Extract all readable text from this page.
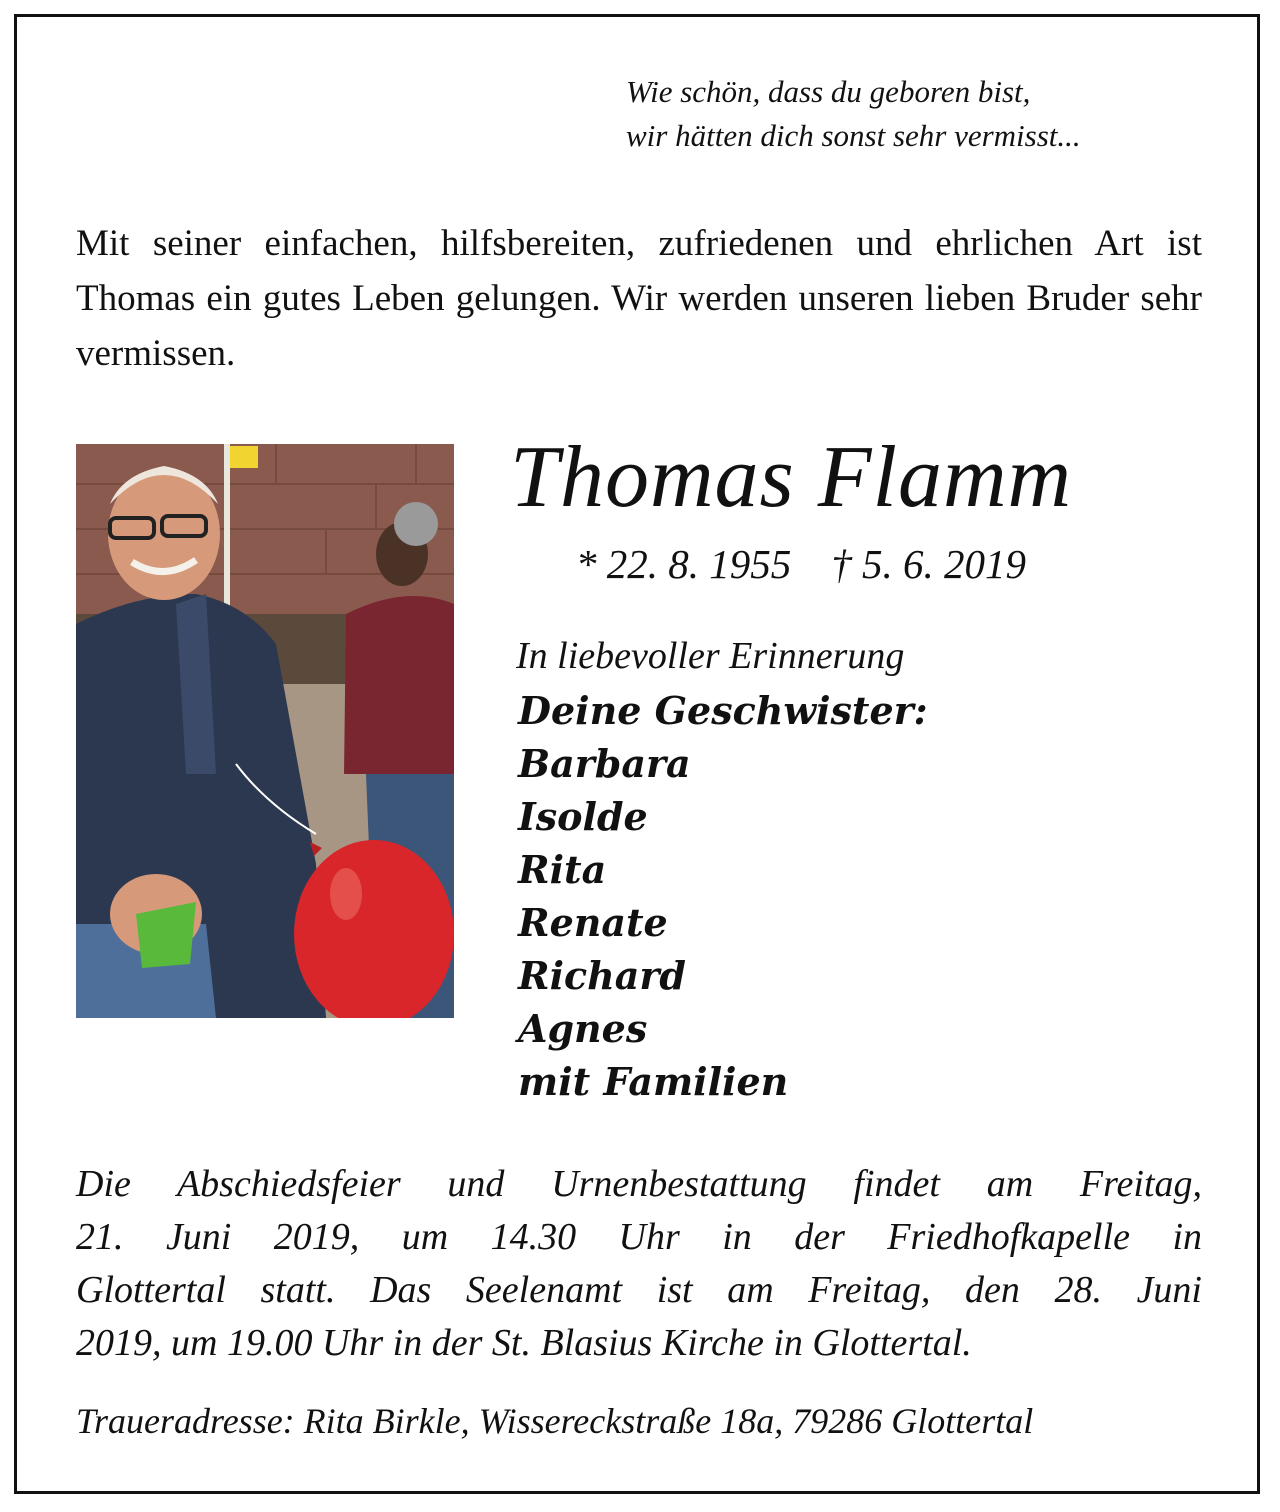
Wie schön, dass du geboren bist,
wir hätten dich sonst sehr vermisst...
Mit seiner einfachen, hilfsbereiten, zufriedenen und ehrlichen Art ist Thomas ein gutes Leben gelungen. Wir werden unseren lieben Bruder sehr vermissen.
Thomas Flamm
* 22. 8. 1955 † 5. 6. 2019
In liebevoller Erinnerung
Deine Geschwister:
Barbara
Isolde
Rita
Renate
Richard
Agnes
mit Familien
Die Abschiedsfeier und Urnenbestattung findet am Freitag,
21. Juni 2019, um 14.30 Uhr in der Friedhofkapelle in
Glottertal statt. Das Seelenamt ist am Freitag, den 28. Juni
2019, um 19.00 Uhr in der St. Blasius Kirche in Glottertal.
Traueradresse: Rita Birkle, Wissereckstraße 18a, 79286 Glottertal
